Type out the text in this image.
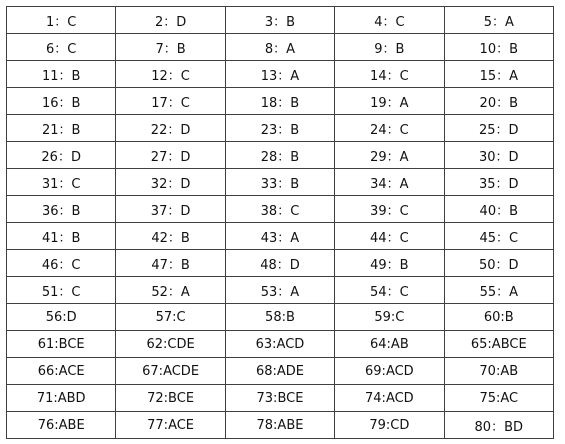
1：C	2：D	3：B	4：C	5：A
6：C	7：B	8：A	9：B	10：B
11：B	12：C	13：A	14：C	15：A
16：B	17：C	18：B	19：A	20：B
21：B	22：D	23：B	24：C	25：D
26：D	27：D	28：B	29：A	30：D
31：C	32：D	33：B	34：A	35：D
36：B	37：D	38：C	39：C	40：B
41：B	42：B	43：A	44：C	45：C
46：C	47：B	48：D	49：B	50：D
51：C	52：A	53：A	54：C	55：A
56:D	57:C	58:B	59:C	60:B
61:BCE	62:CDE	63:ACD	64:AB	65:ABCE
66:ACE	67:ACDE	68:ADE	69:ACD	70:AB
71:ABD	72:BCE	73:BCE	74:ACD	75:AC
76:ABE	77:ACE	78:ABE	79:CD	80：BD
